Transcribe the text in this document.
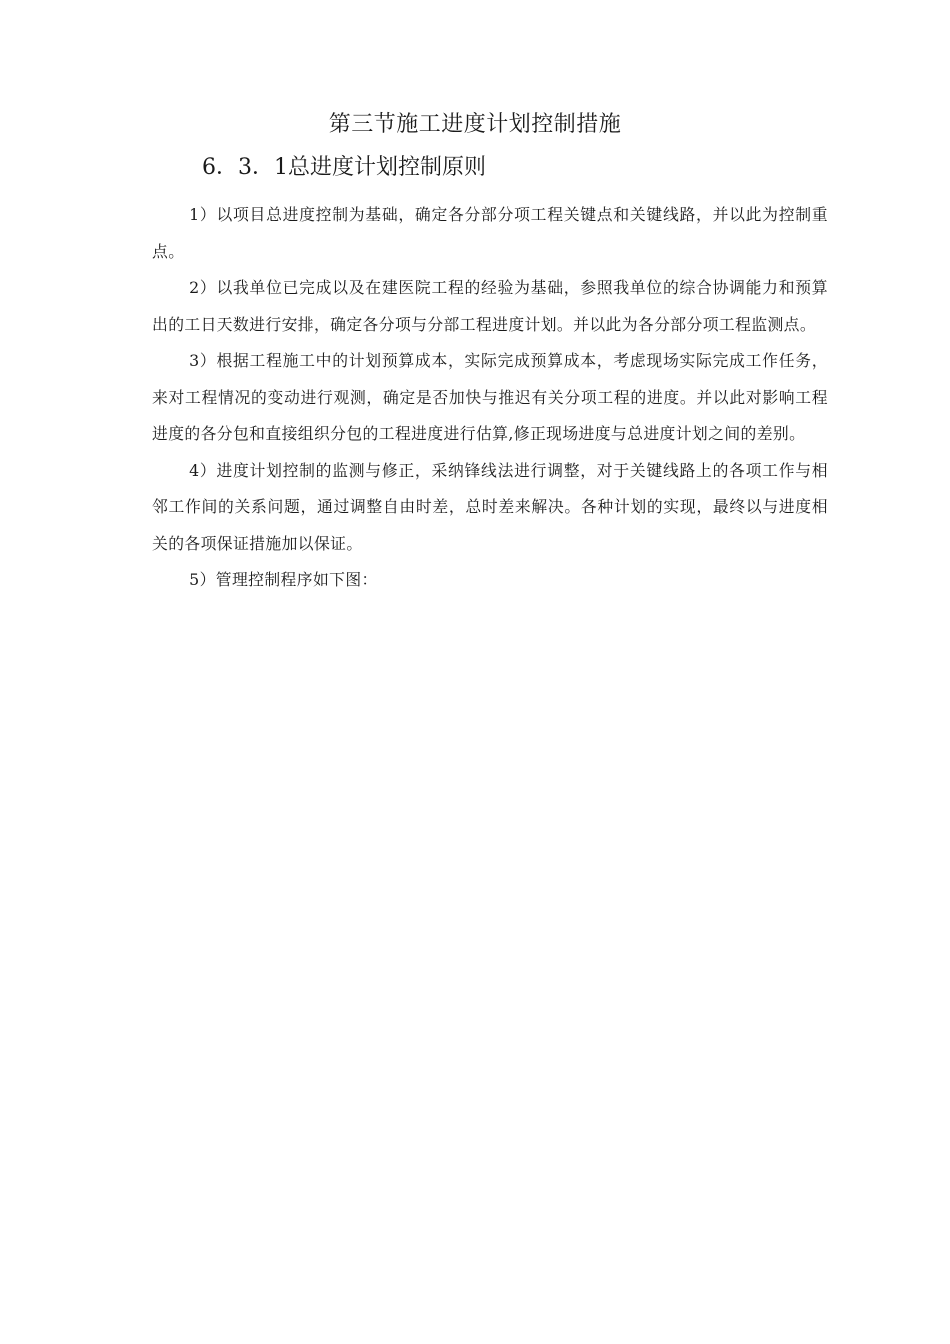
第三节施工进度计划控制措施
6．3．1总进度计划控制原则

1）以项目总进度控制为基础，确定各分部分项工程关键点和关键线路，并以此为控制重点。

2）以我单位已完成以及在建医院工程的经验为基础，参照我单位的综合协调能力和预算出的工日天数进行安排，确定各分项与分部工程进度计划。并以此为各分部分项工程监测点。

3）根据工程施工中的计划预算成本，实际完成预算成本，考虑现场实际完成工作任务，来对工程情况的变动进行观测，确定是否加快与推迟有关分项工程的进度。并以此对影响工程进度的各分包和直接组织分包的工程进度进行估算,修正现场进度与总进度计划之间的差别。

4）进度计划控制的监测与修正，采纳锋线法进行调整，对于关键线路上的各项工作与相邻工作间的关系问题，通过调整自由时差，总时差来解决。各种计划的实现，最终以与进度相关的各项保证措施加以保证。

5）管理控制程序如下图：
